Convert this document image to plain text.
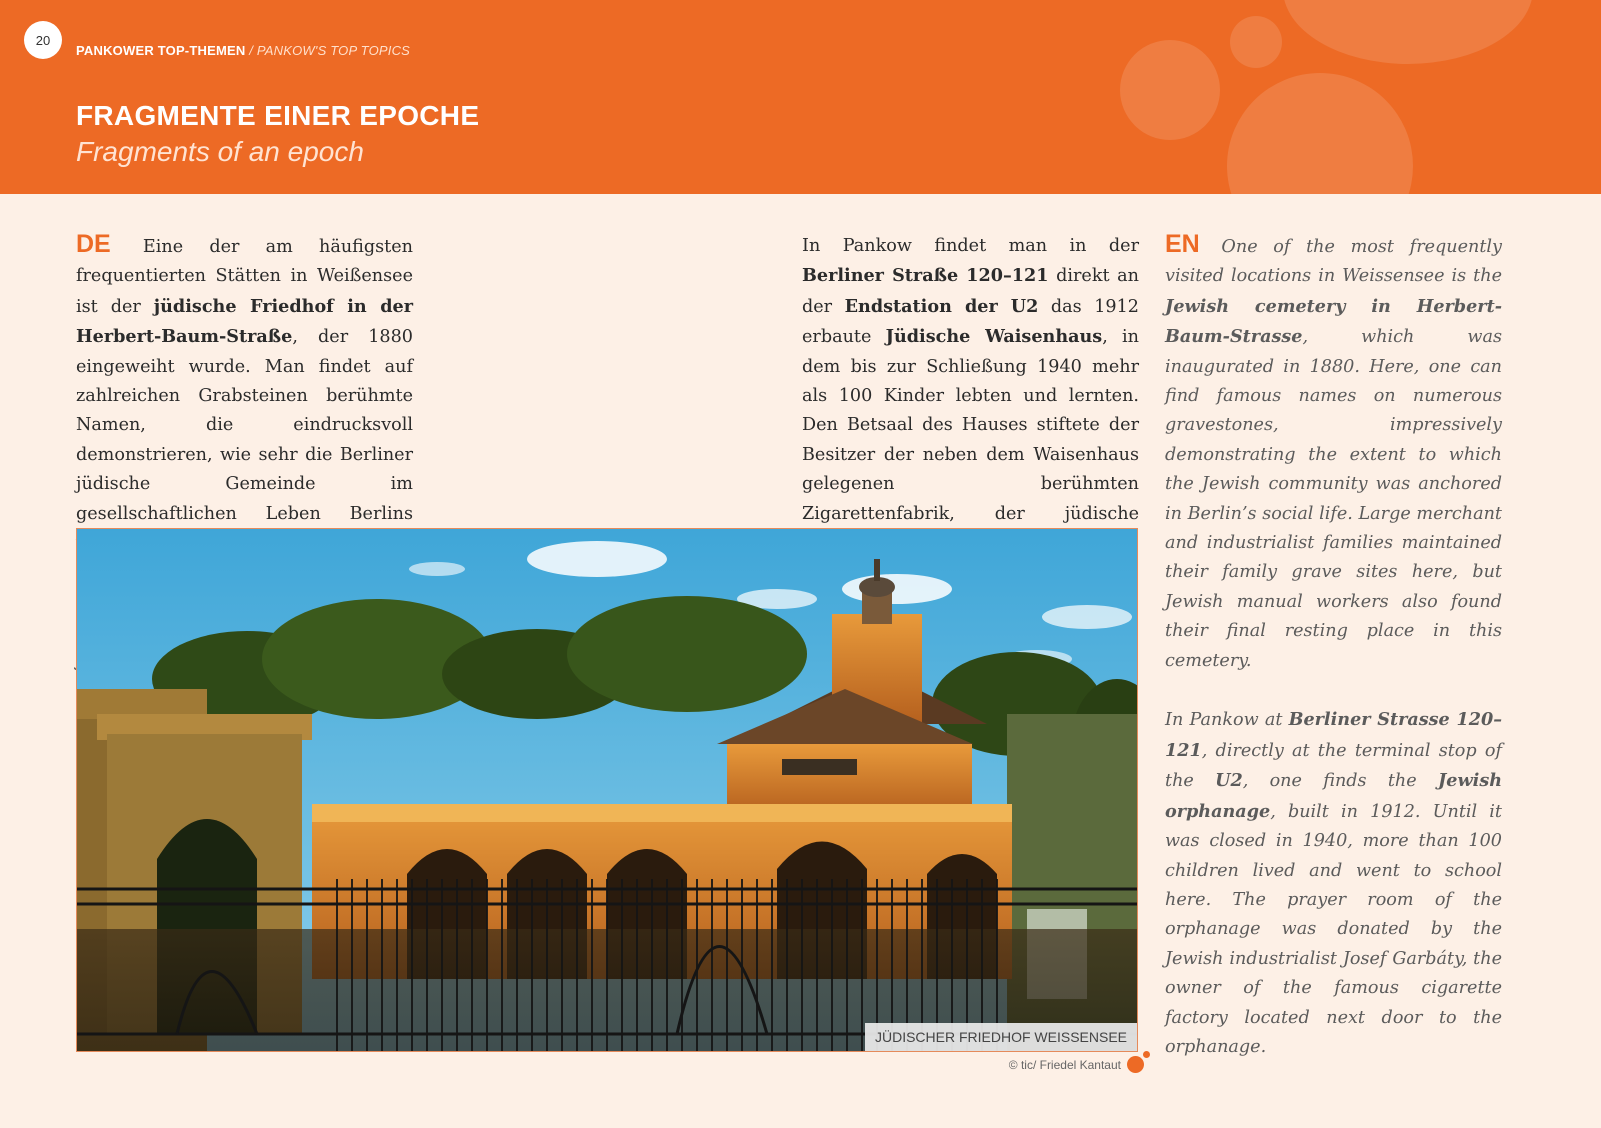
20
PANKOWER TOP-THEMEN / PANKOW'S TOP TOPICS
FRAGMENTE EINER EPOCHE
Fragments of an epoch

DE Eine der am häufigsten frequentierten Stätten in Weißensee ist der jüdische Friedhof in der Herbert-Baum-Straße, der 1880 eingeweiht wurde. Man findet auf zahlreichen Grabsteinen berühmte Namen, die eindrucksvoll demonstrieren, wie sehr die Berliner jüdische Gemeinde im gesellschaftlichen Leben Berlins

In Pankow findet man in der Berliner Straße 120–121 direkt an der Endstation der U2 das 1912 erbaute Jüdische Waisenhaus, in dem bis zur Schließung 1940 mehr als 100 Kinder lebten und lernten. Den Betsaal des Hauses stiftete der Besitzer der neben dem Waisenhaus gelegenen berühmten Zigarettenfabrik, der jüdische

EN One of the most frequently visited locations in Weissensee is the Jewish cemetery in Herbert-Baum-Strasse, which was inaugurated in 1880. Here, one can find famous names on numerous gravestones, impressively demonstrating the extent to which the Jewish community was anchored in Berlin’s social life. Large merchant and industrialist families maintained their family grave sites here, but Jewish manual workers also found their final resting place in this cemetery.

In Pankow at Berliner Strasse 120–121, directly at the terminal stop of the U2, one finds the Jewish orphanage, built in 1912. Until it was closed in 1940, more than 100 children lived and went to school here. The prayer room of the orphanage was donated by the Jewish industrialist Josef Garbáty, the owner of the famous cigarette factory located next door to the orphanage.

JÜDISCHER FRIEDHOF WEISSENSEE
© tic/ Friedel Kantaut
